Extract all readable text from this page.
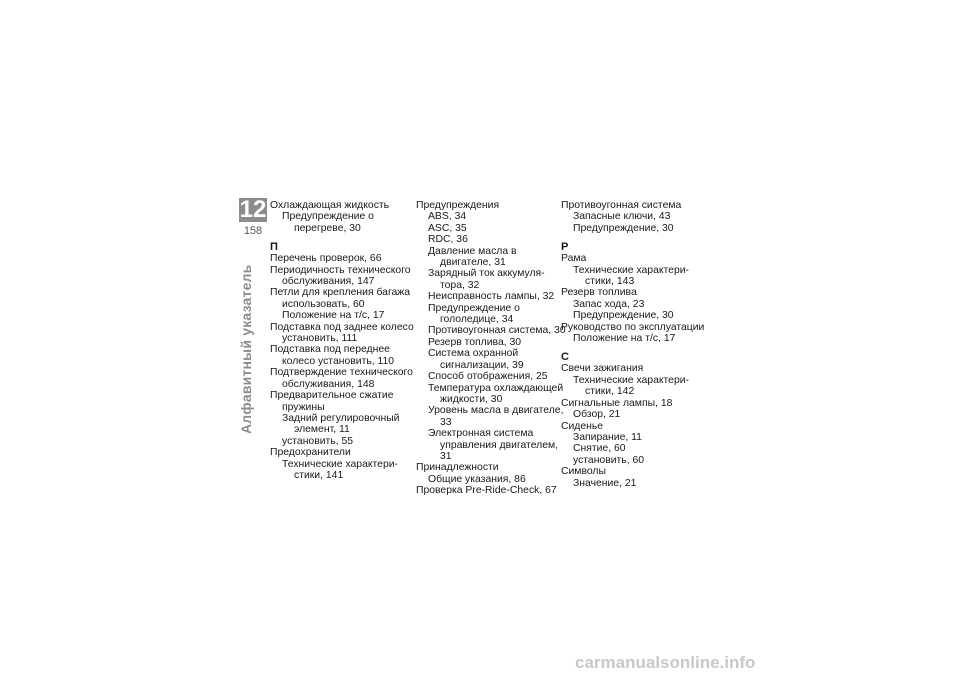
12
158
Алфавитный указатель
Охлаждающая жидкость
Предупреждение о перегреве, 30
П
Перечень проверок, 66
Периодичность технического обслуживания, 147
Петли для крепления багажа
использовать, 60
Положение на т/с, 17
Подставка под заднее колесо установить, 111
Подставка под переднее колесо установить, 110
Подтверждение технического обслуживания, 148
Предварительное сжатие пружины
Задний регулировочный элемент, 11
установить, 55
Предохранители
Технические характери-стики, 141
Предупреждения
ABS, 34
ASC, 35
RDC, 36
Давление масла в двигателе, 31
Зарядный ток аккумуля-тора, 32
Неисправность лампы, 32
Предупреждение о гололедице, 34
Противоугонная система, 30
Резерв топлива, 30
Система охранной сигнализации, 39
Способ отображения, 25
Температура охлаждающей жидкости, 30
Уровень масла в двигателе, 33
Электронная система управления двигателем, 31
Принадлежности
Общие указания, 86
Проверка Pre-Ride-Check, 67
Противоугонная система
Запасные ключи, 43
Предупреждение, 30
Р
Рама
Технические характери-стики, 143
Резерв топлива
Запас хода, 23
Предупреждение, 30
Руководство по эксплуатации
Положение на т/с, 17
С
Свечи зажигания
Технические характери-стики, 142
Сигнальные лампы, 18
Обзор, 21
Сиденье
Запирание, 11
Снятие, 60
установить, 60
Символы
Значение, 21
carmanualsonline.info
